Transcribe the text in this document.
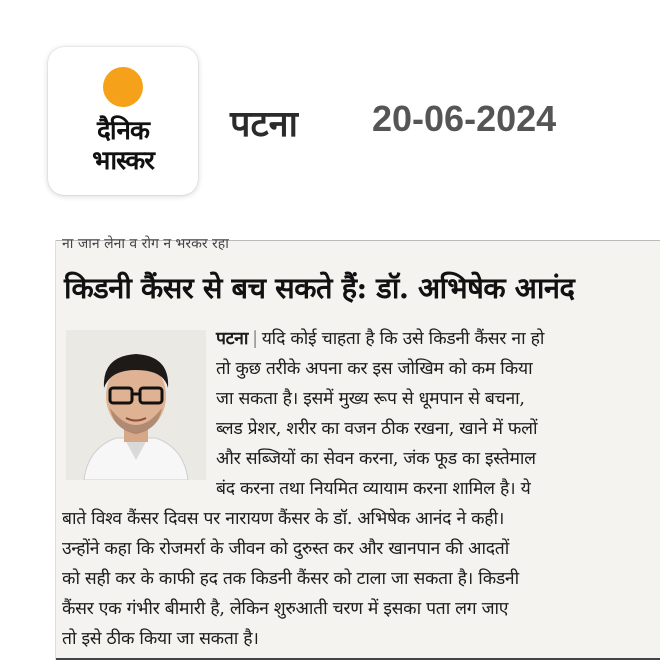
दैनिक
भास्कर
पटना 20-06-2024
ना जान लेना व रोग न भरकर रहा
किडनी कैंसर से बच सकते हैं: डॉ. अभिषेक आनंद
पटना | यदि कोई चाहता है कि उसे किडनी कैंसर ना हो
तो कुछ तरीके अपना कर इस जोखिम को कम किया
जा सकता है। इसमें मुख्य रूप से धूमपान से बचना,
ब्लड प्रेशर, शरीर का वजन ठीक रखना, खाने में फलों
और सब्जियों का सेवन करना, जंक फूड का इस्तेमाल
बंद करना तथा नियमित व्यायाम करना शामिल है। ये
बाते विश्व कैंसर दिवस पर नारायण कैंसर के डॉ. अभिषेक आनंद ने कही।
उन्होंने कहा कि रोजमर्रा के जीवन को दुरुस्त कर और खानपान की आदतों
को सही कर के काफी हद तक किडनी कैंसर को टाला जा सकता है। किडनी
कैंसर एक गंभीर बीमारी है, लेकिन शुरुआती चरण में इसका पता लग जाए
तो इसे ठीक किया जा सकता है।
